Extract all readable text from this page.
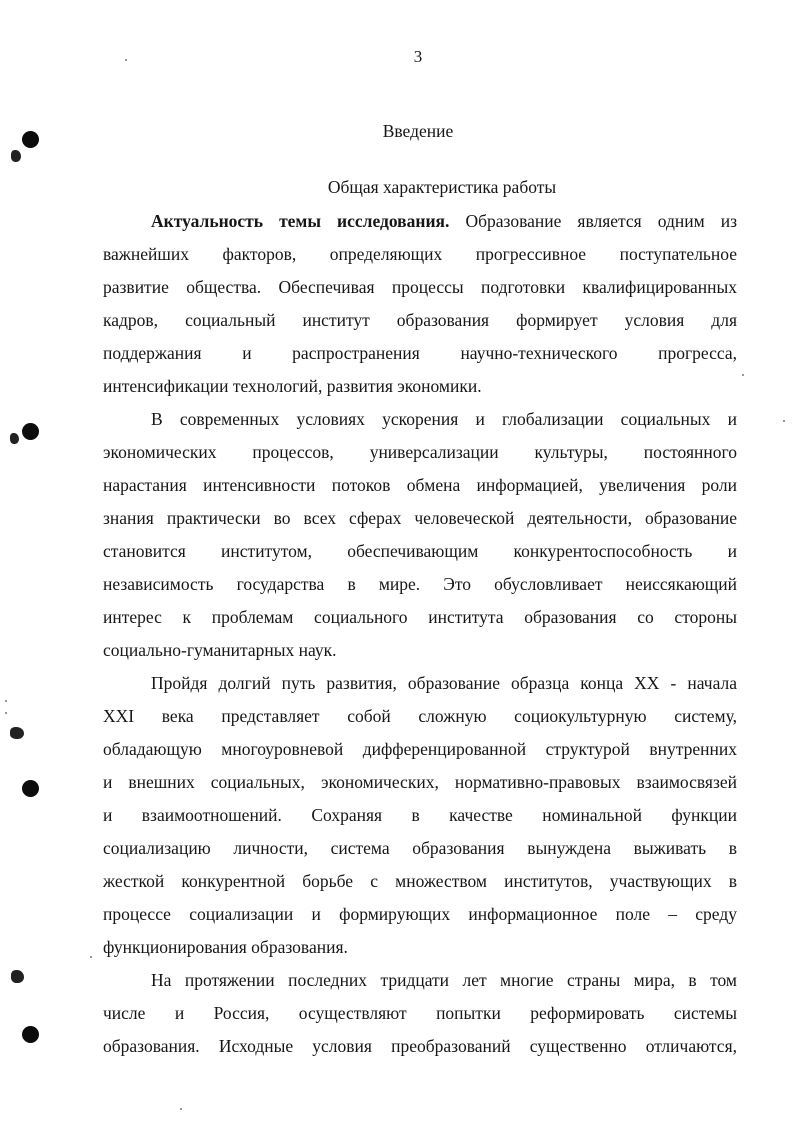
3
Введение
Общая характеристика работы
Актуальность темы исследования. Образование является одним из
важнейших факторов, определяющих прогрессивное поступательное
развитие общества. Обеспечивая процессы подготовки квалифицированных
кадров, социальный институт образования формирует условия для
поддержания и распространения научно-технического прогресса,
интенсификации технологий, развития экономики.
В современных условиях ускорения и глобализации социальных и
экономических процессов, универсализации культуры, постоянного
нарастания интенсивности потоков обмена информацией, увеличения роли
знания практически во всех сферах человеческой деятельности, образование
становится институтом, обеспечивающим конкурентоспособность и
независимость государства в мире. Это обусловливает неиссякающий
интерес к проблемам социального института образования со стороны
социально-гуманитарных наук.
Пройдя долгий путь развития, образование образца конца XX - начала
XXI века представляет собой сложную социокультурную систему,
обладающую многоуровневой дифференцированной структурой внутренних
и внешних социальных, экономических, нормативно-правовых взаимосвязей
и взаимоотношений. Сохраняя в качестве номинальной функции
социализацию личности, система образования вынуждена выживать в
жесткой конкурентной борьбе с множеством институтов, участвующих в
процессе социализации и формирующих информационное поле – среду
функционирования образования.
На протяжении последних тридцати лет многие страны мира, в том
числе и Россия, осуществляют попытки реформировать системы
образования. Исходные условия преобразований существенно отличаются,
